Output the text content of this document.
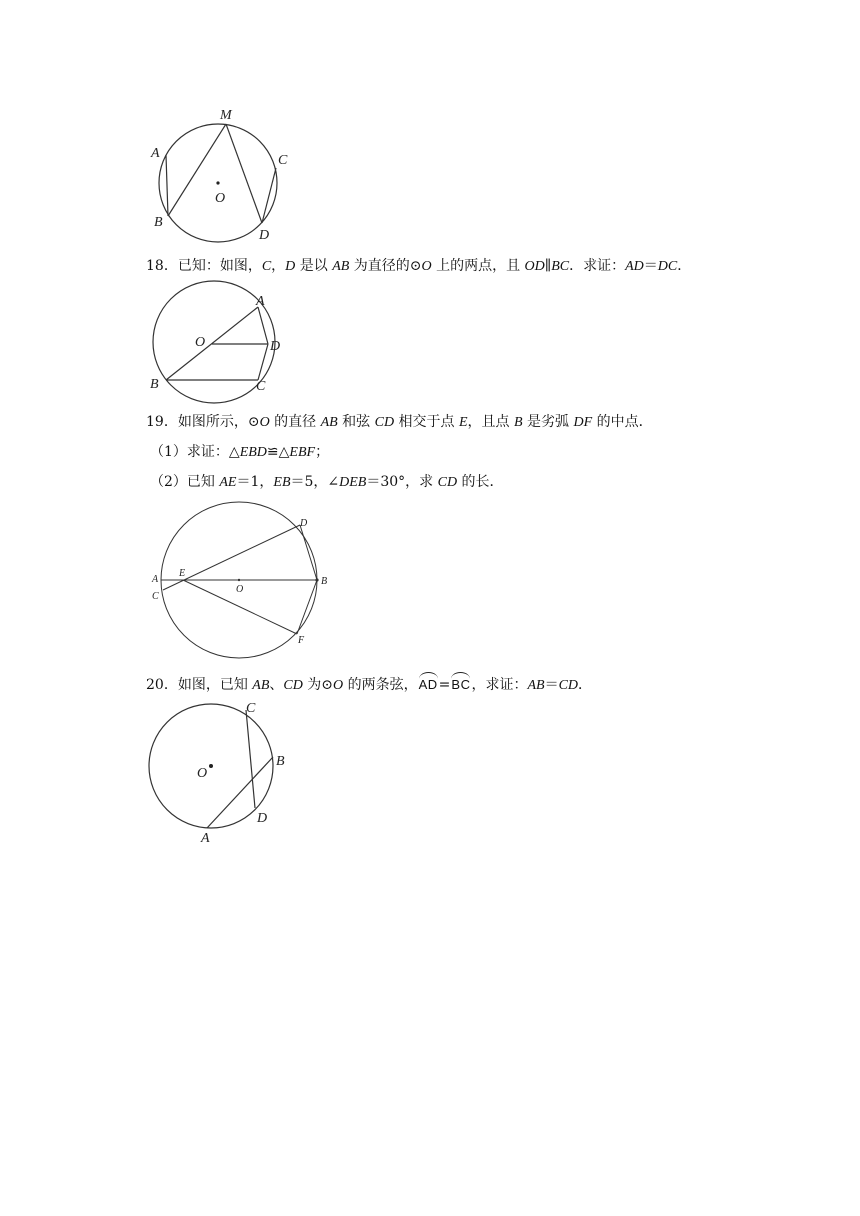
M
A
B
C
D
O
18．已知：如图，C，D 是以 AB 为直径的⊙O 上的两点，且 OD∥BC．求证：AD＝DC．
A
O	D
B	C
19．如图所示，⊙O 的直径 AB 和弦 CD 相交于点 E，且点 B 是劣弧 DF 的中点．
（1）求证：△EBD≌△EBF；
（2）已知 AE＝1，EB＝5，∠DEB＝30°，求 CD 的长．
D
A
E
O
B
C
F
20．如图，已知 AB、CD 为⊙O 的两条弦，AD=BC，求证：AB＝CD．
C
O
B
D
A
